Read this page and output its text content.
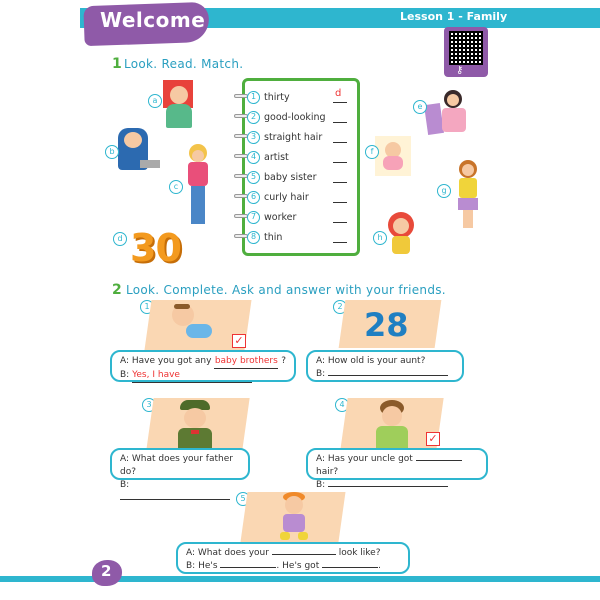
Welcome	Lesson 1 - Family
⚷
1 Look. Read. Match.
a
b
c
d 30
1 thirty
2 good-looking
3 straight hair
4 artist
5 baby sister
6 curly hair
7 worker
8 thin
d
e
f
g
h
2 Look. Complete. Ask and answer with your friends.
1
✓
A: Have you got any baby brothers ?
B: Yes, I have
2 28
A: How old is your aunt?
B:
3
A: What does your father do?
B:
4
✓
A: Has your uncle got  hair?
B:
5
A: What does your	look like?
B: He's	. He's got	.
2
